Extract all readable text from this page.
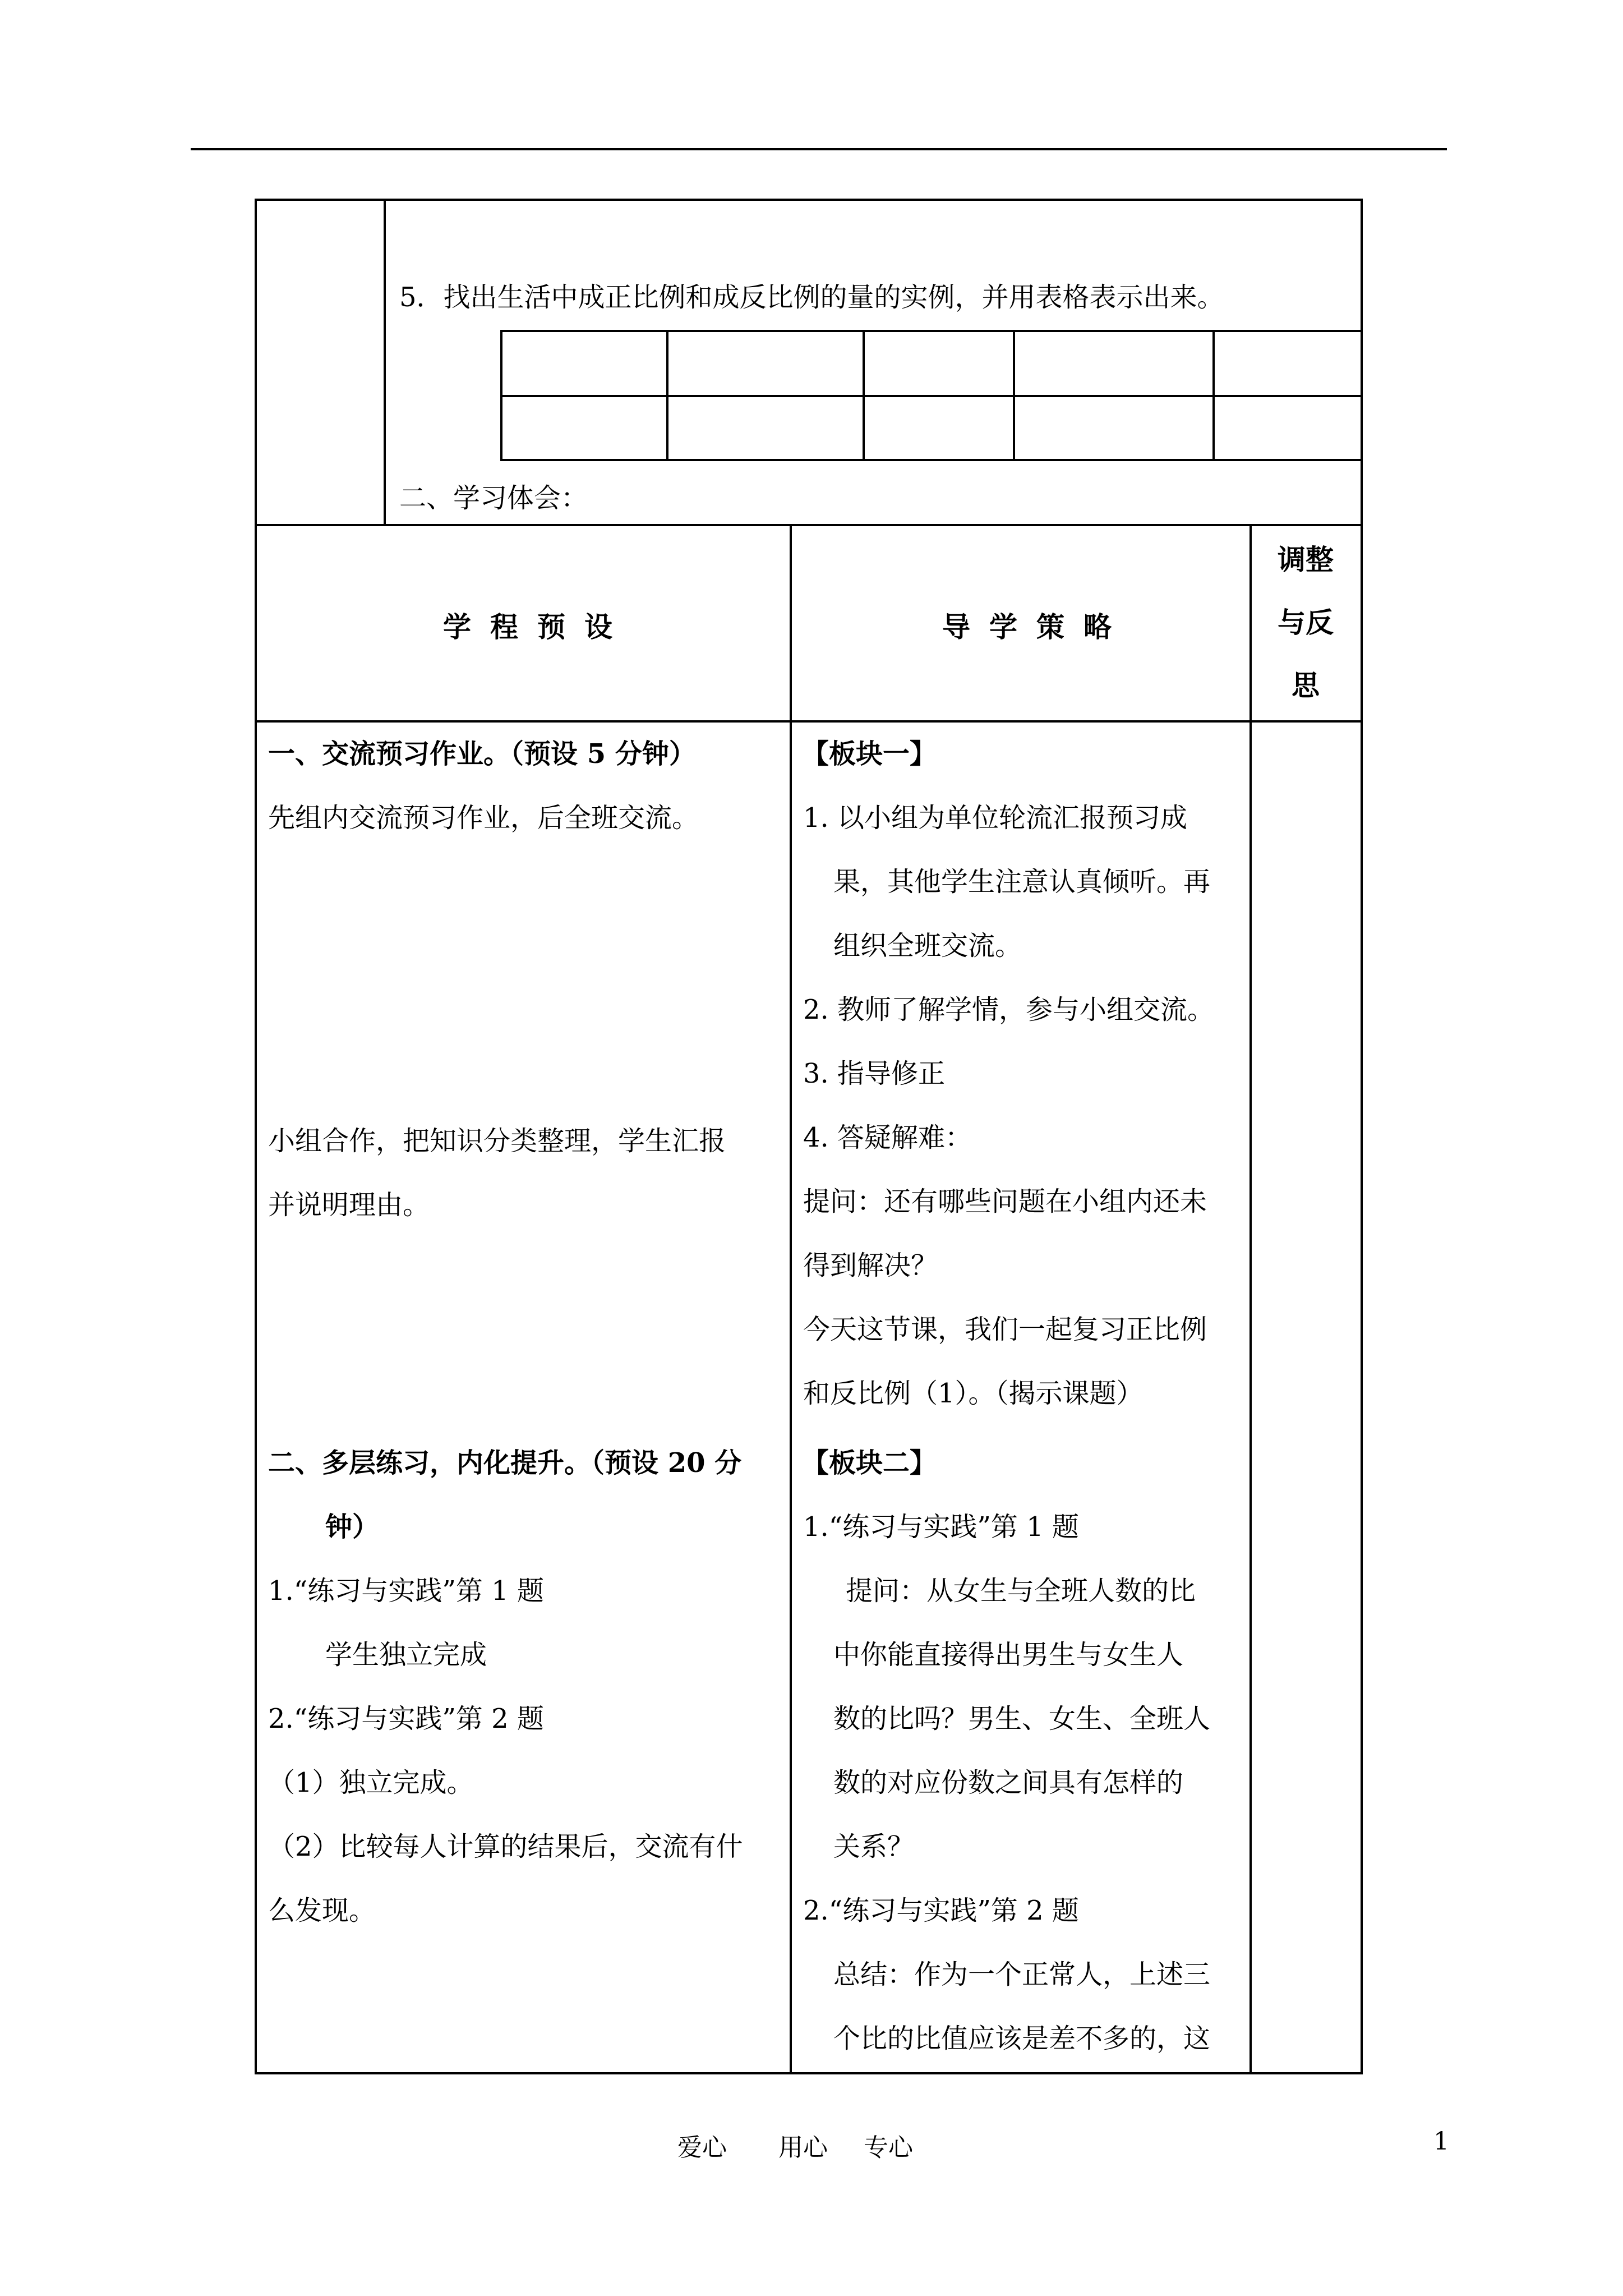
5．找出生活中成正比例和成反比例的量的实例，并用表格表示出来。
二、学习体会：
学程预设	导学策略
调整
与反
思
一、交流预习作业。（预设 5 分钟）
先组内交流预习作业，后全班交流。
小组合作，把知识分类整理，学生汇报
并说明理由。
二、多层练习，内化提升。（预设 20 分
钟）
1.“练习与实践”第 1 题
学生独立完成
2.“练习与实践”第 2 题
（1）独立完成。
（2）比较每人计算的结果后，交流有什
么发现。
【板块一】
1. 以小组为单位轮流汇报预习成
果，其他学生注意认真倾听。再
组织全班交流。
2. 教师了解学情，参与小组交流。
3. 指导修正
4. 答疑解难：
提问：还有哪些问题在小组内还未
得到解决？
今天这节课，我们一起复习正比例
和反比例（1）。（揭示课题）
【板块二】
1.“练习与实践”第 1 题
提问：从女生与全班人数的比
中你能直接得出男生与女生人
数的比吗？男生、女生、全班人
数的对应份数之间具有怎样的
关系？
2.“练习与实践”第 2 题
总结：作为一个正常人，上述三
个比的比值应该是差不多的，这
爱心 用心 专心	1
